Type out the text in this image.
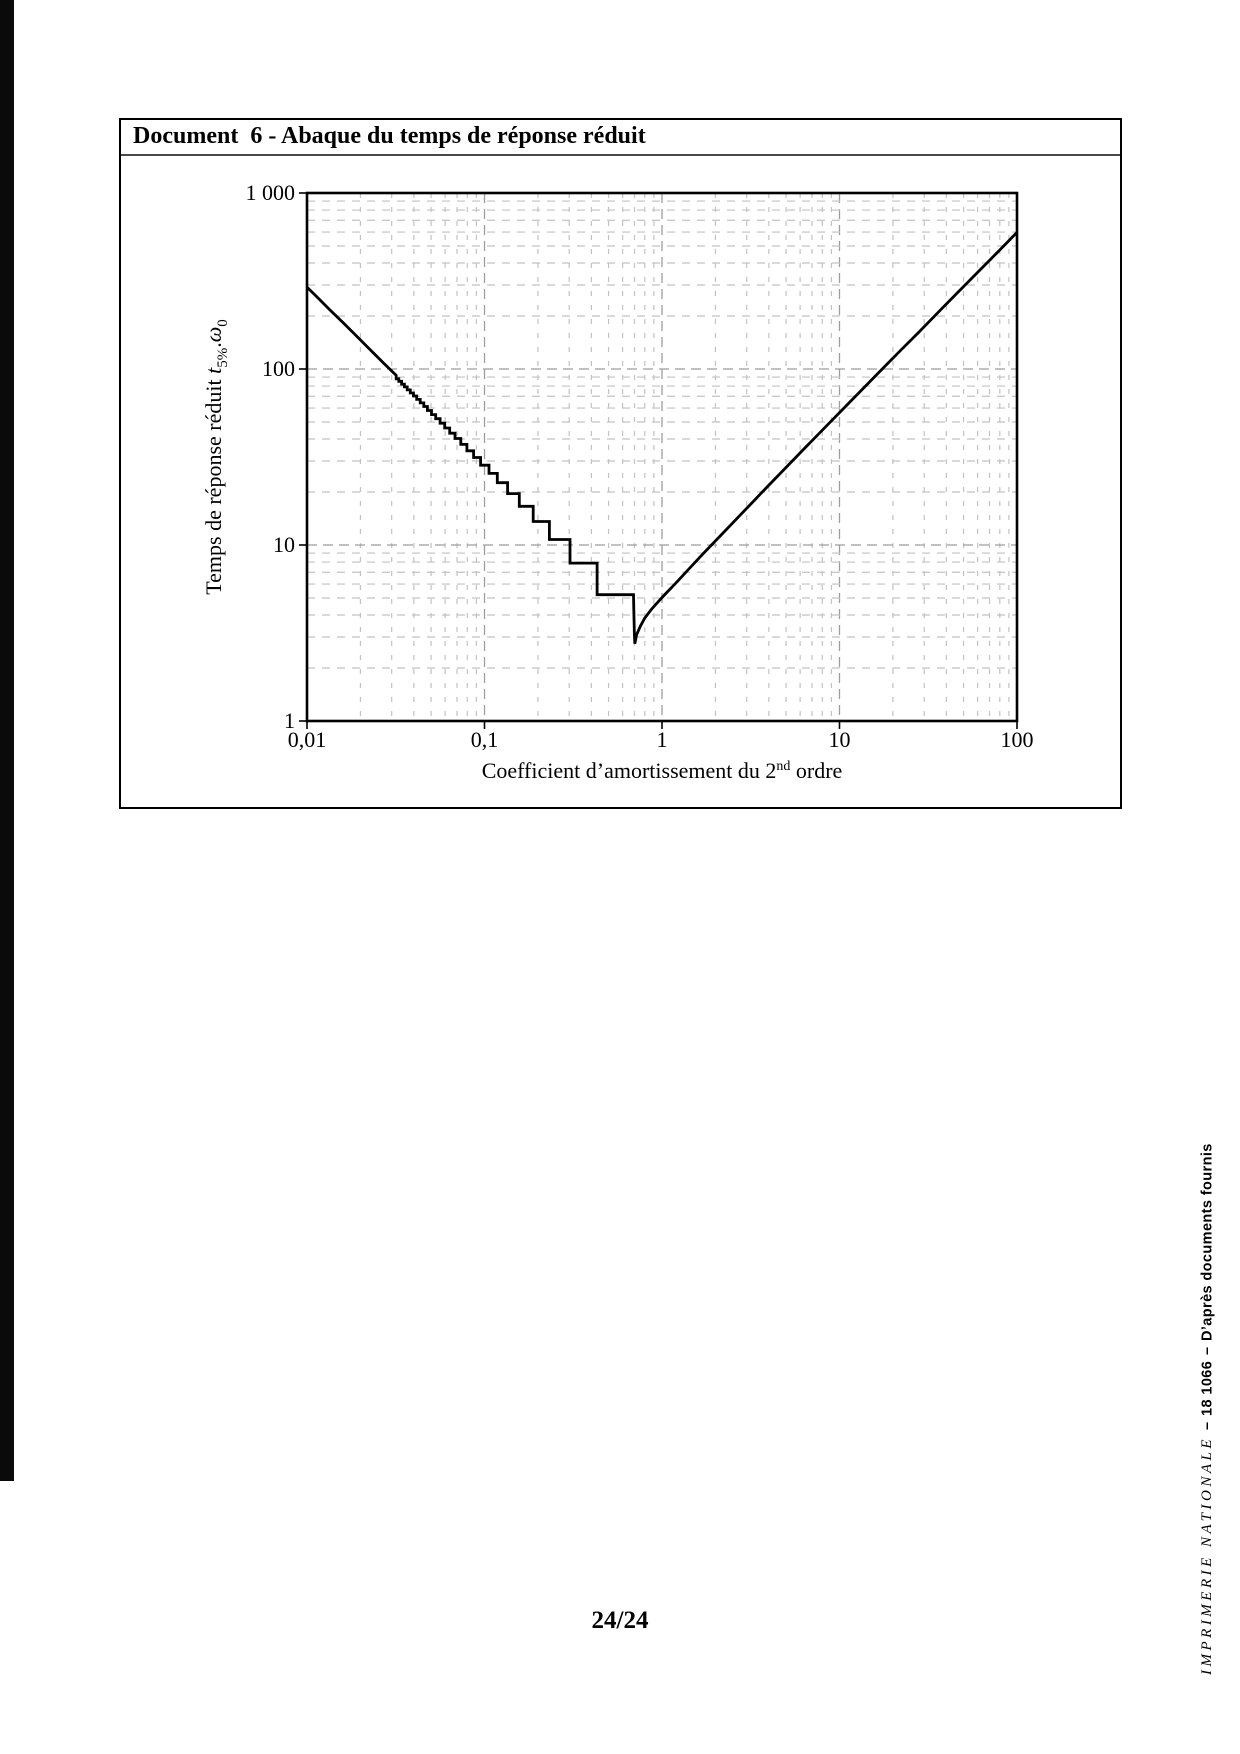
Document  6 - Abaque du temps de réponse réduit
1 000
100
10
1
0,01	0,1	1	10	100
Coefficient d’amortissement du 2nd ordre
Temps de réponse réduit $t_{5\%}.\omega_0$
IMPRIMERIE NATIONALE
–
18 1066
–
D’après documents fournis
24/24
